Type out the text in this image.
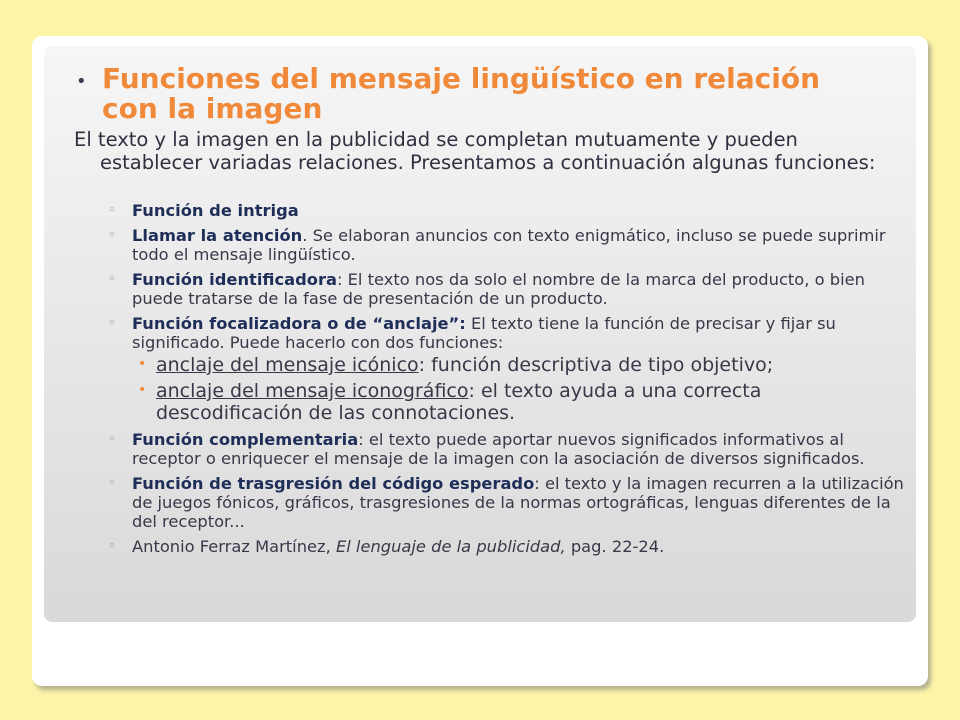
• Funciones del mensaje lingüístico en relación con la imagen

El texto y la imagen en la publicidad se completan mutuamente y pueden establecer variadas relaciones. Presentamos a continuación algunas funciones:

◦ Función de intriga
◦ Llamar la atención. Se elaboran anuncios con texto enigmático, incluso se puede suprimir todo el mensaje lingüístico.
◦ Función identificadora: El texto nos da solo el nombre de la marca del producto, o bien puede tratarse de la fase de presentación de un producto.
◦ Función focalizadora o de “anclaje”: El texto tiene la función de precisar y fijar su significado. Puede hacerlo con dos funciones:
• anclaje del mensaje icónico: función descriptiva de tipo objetivo;
• anclaje del mensaje iconográfico: el texto ayuda a una correcta descodificación de las connotaciones.
◦ Función complementaria: el texto puede aportar nuevos significados informativos al receptor o enriquecer el mensaje de la imagen con la asociación de diversos significados.
◦ Función de trasgresión del código esperado: el texto y la imagen recurren a la utilización de juegos fónicos, gráficos, trasgresiones de la normas ortográficas, lenguas diferentes de la del receptor...
◦ Antonio Ferraz Martínez, El lenguaje de la publicidad, pag. 22-24.
